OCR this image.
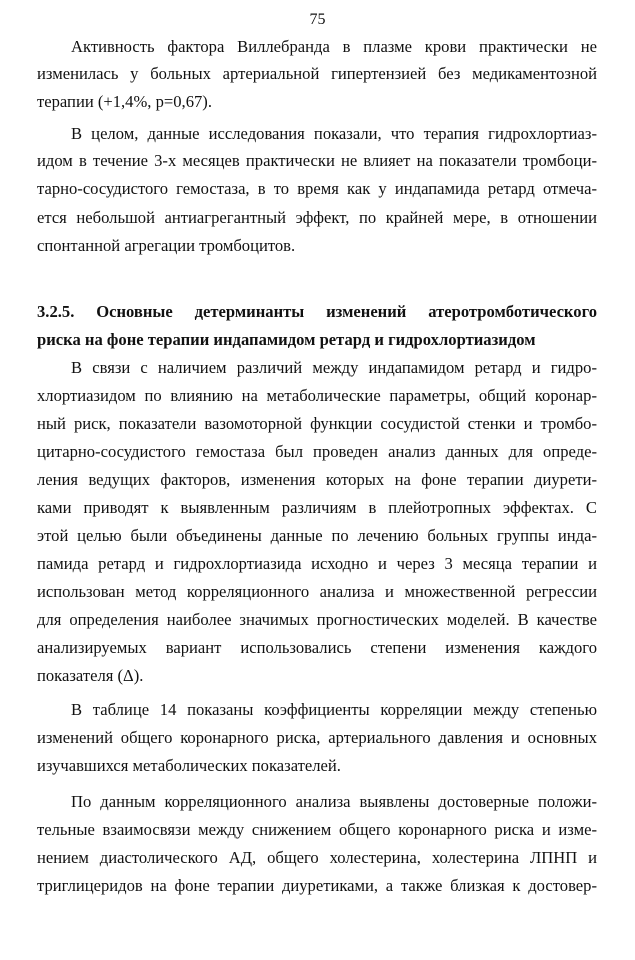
75
Активность фактора Виллебранда в плазме крови практически не
изменилась у больных артериальной гипертензией без медикаментозной
терапии (+1,4%, р=0,67).
В целом, данные исследования показали, что терапия гидрохлортиаз-
идом в течение 3-х месяцев практически не влияет на показатели тромбоци-
тарно-сосудистого гемостаза, в то время как у индапамида ретард отмеча-
ется небольшой антиагрегантный эффект, по крайней мере, в отношении
спонтанной агрегации тромбоцитов.
3.2.5. Основные детерминанты изменений атеротромботического
риска на фоне терапии индапамидом ретард и гидрохлортиазидом
В связи с наличием различий между индапамидом ретард и гидро-
хлортиазидом по влиянию на метаболические параметры, общий коронар-
ный риск, показатели вазомоторной функции сосудистой стенки и тромбо-
цитарно-сосудистого гемостаза был проведен анализ данных для опреде-
ления ведущих факторов, изменения которых на фоне терапии диурети-
ками приводят к выявленным различиям в плейотропных эффектах. С
этой целью были объединены данные по лечению больных группы инда-
памида ретард и гидрохлортиазида исходно и через 3 месяца терапии и
использован метод корреляционного анализа и множественной регрессии
для определения наиболее значимых прогностических моделей. В качестве
анализируемых вариант использовались степени изменения каждого
показателя (Δ).
В таблице 14 показаны коэффициенты корреляции между степенью
изменений общего коронарного риска, артериального давления и основных
изучавшихся метаболических показателей.
По данным корреляционного анализа выявлены достоверные положи-
тельные взаимосвязи между снижением общего коронарного риска и изме-
нением диастолического АД, общего холестерина, холестерина ЛПНП и
триглицеридов на фоне терапии диуретиками, а также близкая к достовер-
